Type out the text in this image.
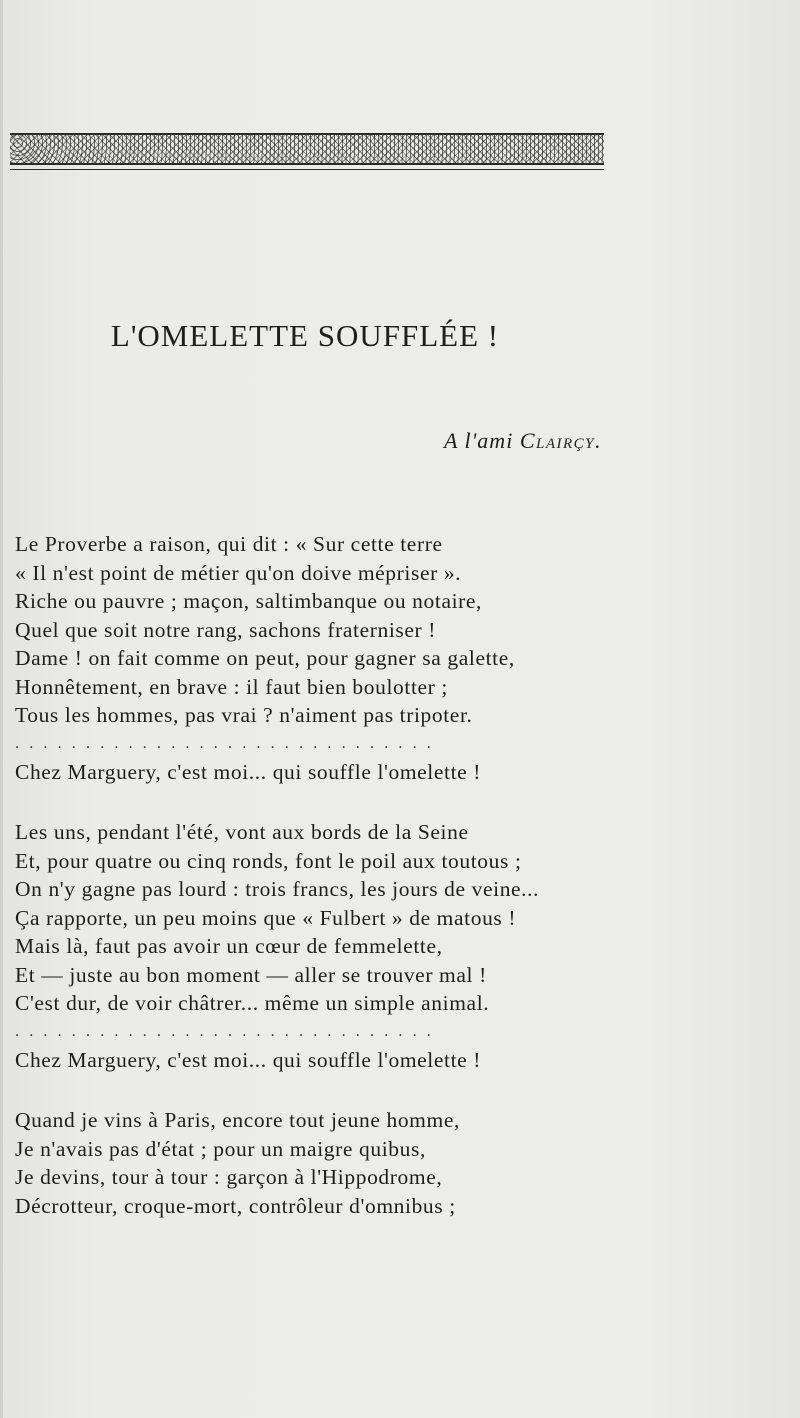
L'OMELETTE SOUFFLÉE !
A l'ami Clairçy.
Le Proverbe a raison, qui dit : « Sur cette terre
« Il n'est point de métier qu'on doive mépriser ».
Riche ou pauvre ; maçon, saltimbanque ou notaire,
Quel que soit notre rang, sachons fraterniser !
Dame ! on fait comme on peut, pour gagner sa galette,
Honnêtement, en brave : il faut bien boulotter ;
Tous les hommes, pas vrai ? n'aiment pas tripoter.
..............................
Chez Marguery, c'est moi... qui souffle l'omelette !
Les uns, pendant l'été, vont aux bords de la Seine
Et, pour quatre ou cinq ronds, font le poil aux toutous ;
On n'y gagne pas lourd : trois francs, les jours de veine...
Ça rapporte, un peu moins que « Fulbert » de matous !
Mais là, faut pas avoir un cœur de femmelette,
Et — juste au bon moment — aller se trouver mal !
C'est dur, de voir châtrer... même un simple animal.
..............................
Chez Marguery, c'est moi... qui souffle l'omelette !
Quand je vins à Paris, encore tout jeune homme,
Je n'avais pas d'état ; pour un maigre quibus,
Je devins, tour à tour : garçon à l'Hippodrome,
Décrotteur, croque-mort, contrôleur d'omnibus ;
